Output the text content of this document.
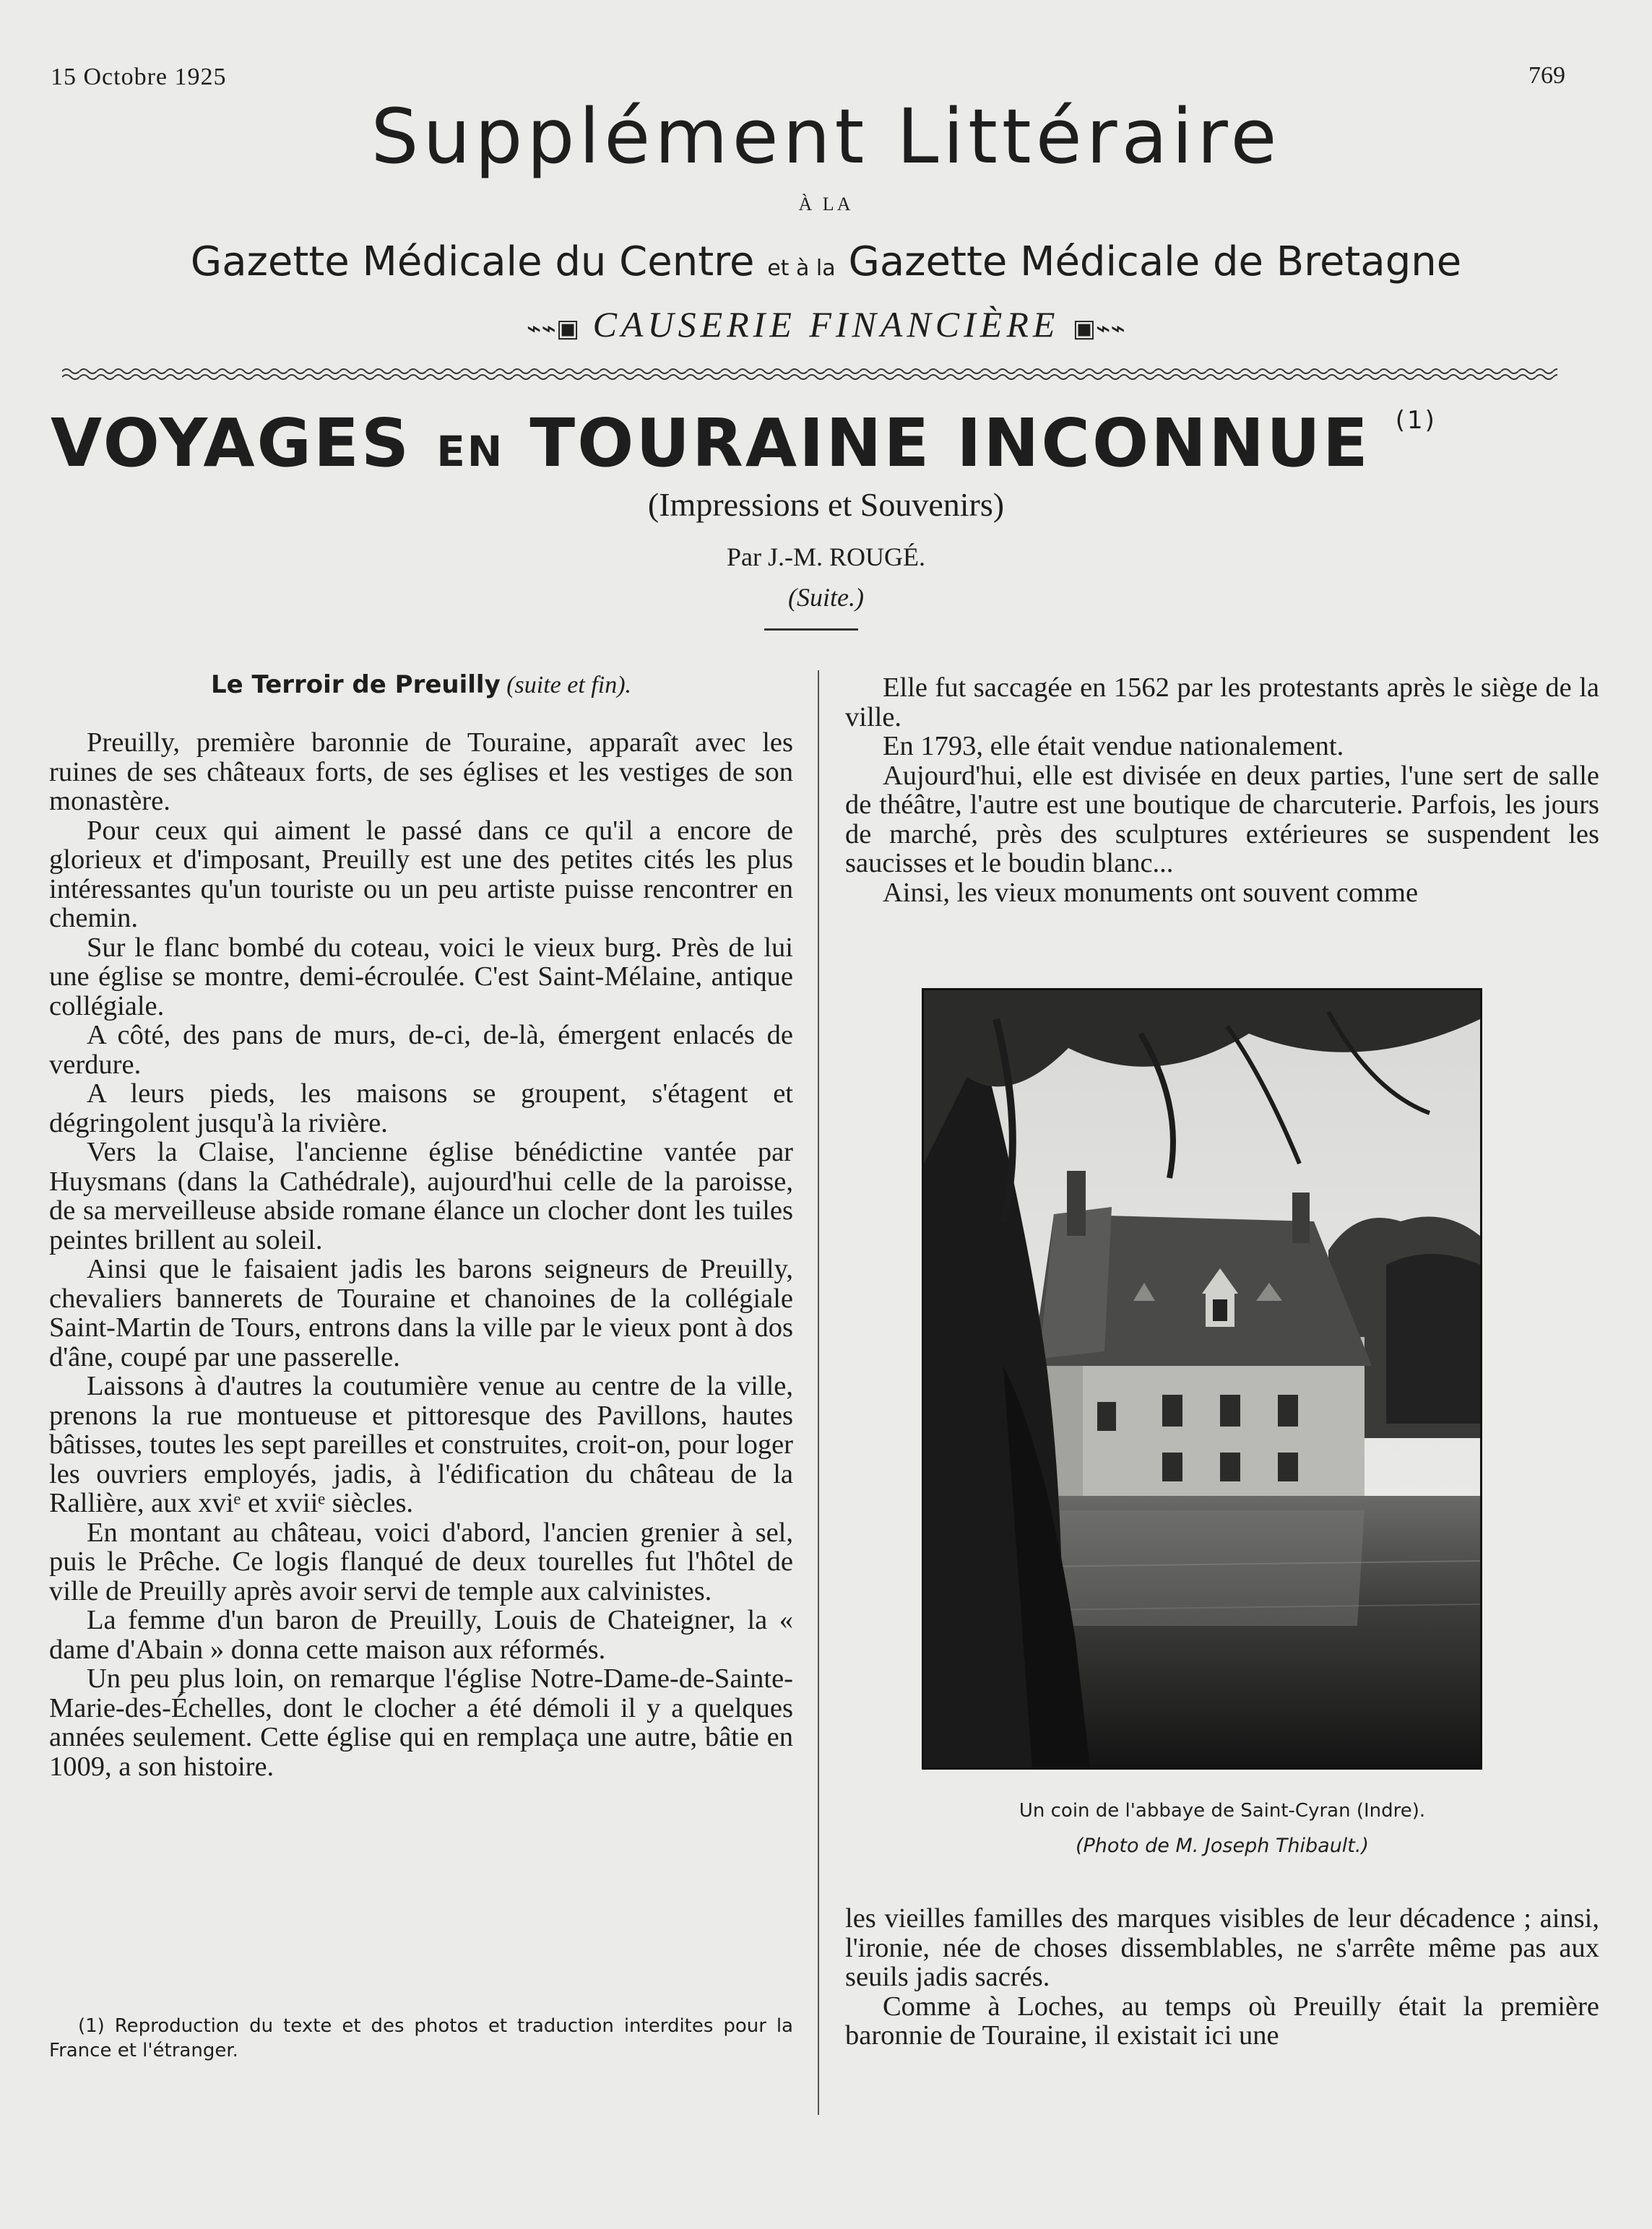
15 Octobre 1925	769
Supplément Littéraire
À LA
Gazette Médicale du Centre et à la Gazette Médicale de Bretagne
⌁⌁▣ CAUSERIE FINANCIÈRE ▣⌁⌁
VOYAGES EN TOURAINE INCONNUE $^{(1)}$
(Impressions et Souvenirs)
Par J.-M. ROUGÉ.
(Suite.)
Le Terroir de Preuilly (suite et fin).

Preuilly, première baronnie de Touraine, apparaît avec les ruines de ses châteaux forts, de ses églises et les vestiges de son monastère.

Pour ceux qui aiment le passé dans ce qu'il a encore de glorieux et d'imposant, Preuilly est une des petites cités les plus intéressantes qu'un touriste ou un peu artiste puisse rencontrer en chemin.

Sur le flanc bombé du coteau, voici le vieux burg. Près de lui une église se montre, demi-écroulée. C'est Saint-Mélaine, antique collégiale.

A côté, des pans de murs, de-ci, de-là, émergent enlacés de verdure.

A leurs pieds, les maisons se groupent, s'étagent et dégringolent jusqu'à la rivière.

Vers la Claise, l'ancienne église bénédictine vantée par Huysmans (dans la Cathédrale), aujourd'hui celle de la paroisse, de sa merveilleuse abside romane élance un clocher dont les tuiles peintes brillent au soleil.

Ainsi que le faisaient jadis les barons seigneurs de Preuilly, chevaliers bannerets de Touraine et chanoines de la collégiale Saint-Martin de Tours, entrons dans la ville par le vieux pont à dos d'âne, coupé par une passerelle.

Laissons à d'autres la coutumière venue au centre de la ville, prenons la rue montueuse et pittoresque des Pavillons, hautes bâtisses, toutes les sept pareilles et construites, croit-on, pour loger les ouvriers employés, jadis, à l'édification du château de la Rallière, aux xviᵉ et xviiᵉ siècles.

En montant au château, voici d'abord, l'ancien grenier à sel, puis le Prêche. Ce logis flanqué de deux tourelles fut l'hôtel de ville de Preuilly après avoir servi de temple aux calvinistes.

La femme d'un baron de Preuilly, Louis de Chateigner, la « dame d'Abain » donna cette maison aux réformés.

Un peu plus loin, on remarque l'église Notre-Dame-de-Sainte-Marie-des-Échelles, dont le clocher a été démoli il y a quelques années seulement. Cette église qui en remplaça une autre, bâtie en 1009, a son histoire.

(1) Reproduction du texte et des photos et traduction interdites pour la France et l'étranger.

Elle fut saccagée en 1562 par les protestants après le siège de la ville.

En 1793, elle était vendue nationalement.

Aujourd'hui, elle est divisée en deux parties, l'une sert de salle de théâtre, l'autre est une boutique de charcuterie. Parfois, les jours de marché, près des sculptures extérieures se suspendent les saucisses et le boudin blanc...

Ainsi, les vieux monuments ont souvent comme

Un coin de l'abbaye de Saint-Cyran (Indre).
(Photo de M. Joseph Thibault.)

les vieilles familles des marques visibles de leur décadence ; ainsi, l'ironie, née de choses dissemblables, ne s'arrête même pas aux seuils jadis sacrés.

Comme à Loches, au temps où Preuilly était la première baronnie de Touraine, il existait ici une
